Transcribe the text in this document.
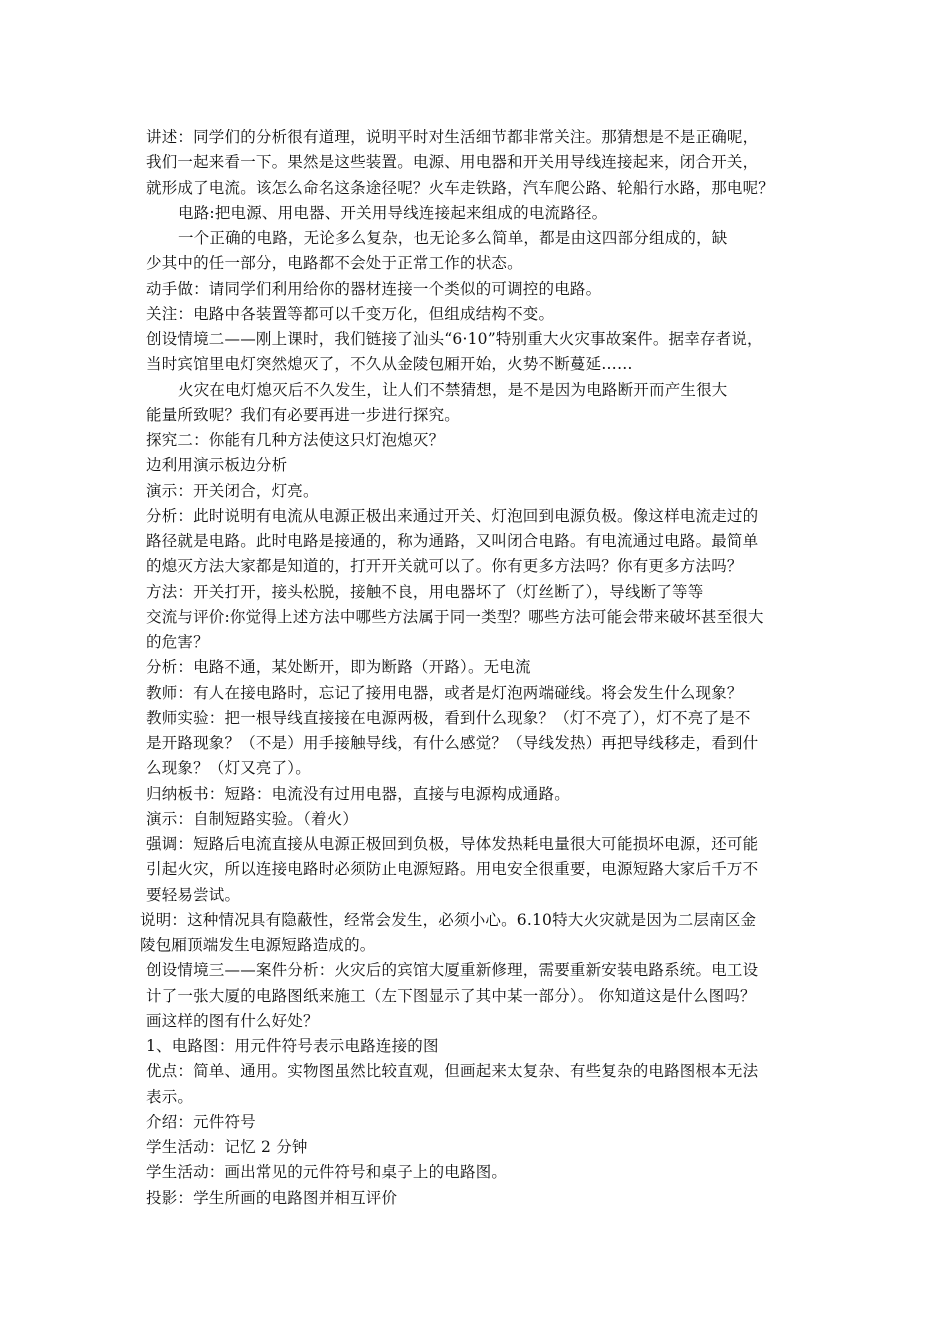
讲述：同学们的分析很有道理，说明平时对生活细节都非常关注。那猜想是不是正确呢，
我们一起来看一下。果然是这些装置。电源、用电器和开关用导线连接起来，闭合开关，
就形成了电流。该怎么命名这条途径呢？火车走铁路，汽车爬公路、轮船行水路，那电呢？
电路:把电源、用电器、开关用导线连接起来组成的电流路径。
一个正确的电路，无论多么复杂，也无论多么简单，都是由这四部分组成的，缺
少其中的任一部分，电路都不会处于正常工作的状态。
动手做：请同学们利用给你的器材连接一个类似的可调控的电路。
关注：电路中各装置等都可以千变万化，但组成结构不变。
创设情境二——刚上课时，我们链接了汕头“6·10”特别重大火灾事故案件。据幸存者说，
当时宾馆里电灯突然熄灭了，不久从金陵包厢开始，火势不断蔓延……
火灾在电灯熄灭后不久发生，让人们不禁猜想，是不是因为电路断开而产生很大
能量所致呢？我们有必要再进一步进行探究。
探究二：你能有几种方法使这只灯泡熄灭？
边利用演示板边分析
演示：开关闭合，灯亮。
分析：此时说明有电流从电源正极出来通过开关、灯泡回到电源负极。像这样电流走过的
路径就是电路。此时电路是接通的，称为通路，又叫闭合电路。有电流通过电路。最简单
的熄灭方法大家都是知道的，打开开关就可以了。你有更多方法吗？你有更多方法吗？
方法：开关打开，接头松脱，接触不良，用电器坏了（灯丝断了），导线断了等等
交流与评价:你觉得上述方法中哪些方法属于同一类型？哪些方法可能会带来破坏甚至很大
的危害？
分析：电路不通，某处断开，即为断路（开路）。无电流
教师：有人在接电路时，忘记了接用电器，或者是灯泡两端碰线。将会发生什么现象？
教师实验：把一根导线直接接在电源两极，看到什么现象？（灯不亮了），灯不亮了是不
是开路现象？（不是）用手接触导线，有什么感觉？（导线发热）再把导线移走，看到什
么现象？（灯又亮了）。
归纳板书：短路：电流没有过用电器，直接与电源构成通路。
演示：自制短路实验。（着火）
强调：短路后电流直接从电源正极回到负极，导体发热耗电量很大可能损坏电源，还可能
引起火灾，所以连接电路时必须防止电源短路。用电安全很重要，电源短路大家后千万不
要轻易尝试。
说明：这种情况具有隐蔽性，经常会发生，必须小心。6.10特大火灾就是因为二层南区金
陵包厢顶端发生电源短路造成的。
创设情境三——案件分析：火灾后的宾馆大厦重新修理，需要重新安装电路系统。电工设
计了一张大厦的电路图纸来施工（左下图显示了其中某一部分）。 你知道这是什么图吗？
画这样的图有什么好处？
1、电路图：用元件符号表示电路连接的图
优点：简单、通用。实物图虽然比较直观，但画起来太复杂、有些复杂的电路图根本无法
表示。
介绍：元件符号
学生活动：记忆 2 分钟
学生活动：画出常见的元件符号和桌子上的电路图。
投影：学生所画的电路图并相互评价
